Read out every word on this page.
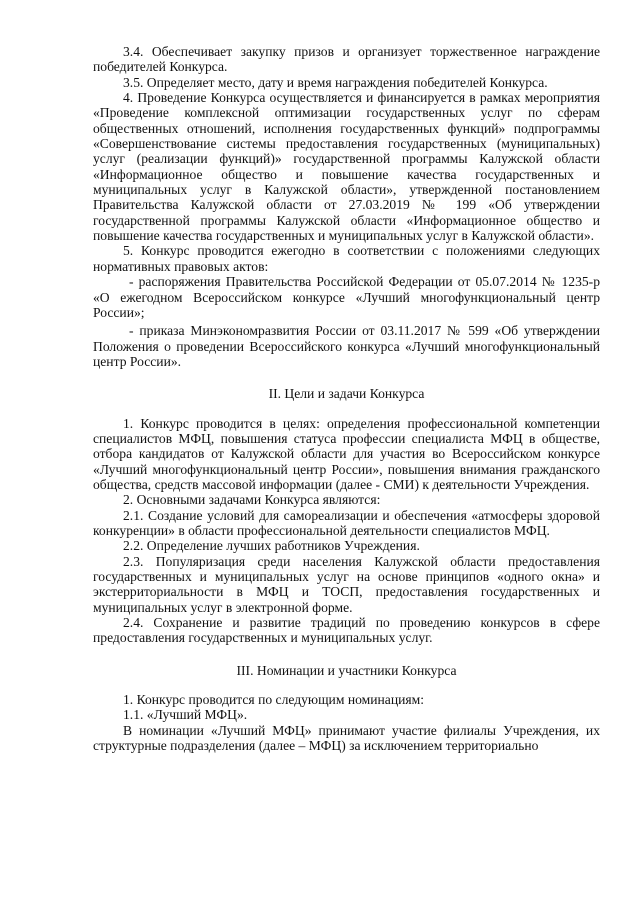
3.4. Обеспечивает закупку призов и организует торжественное награждение победителей Конкурса.

3.5. Определяет место, дату и время награждения победителей Конкурса.

4. Проведение Конкурса осуществляется и финансируется в рамках мероприятия «Проведение комплексной оптимизации государственных услуг по сферам общественных отношений, исполнения государственных функций» подпрограммы «Совершенствование системы предоставления государственных (муниципальных) услуг (реализации функций)» государственной программы Калужской области «Информационное общество и повышение качества государственных и муниципальных услуг в Калужской области», утвержденной постановлением Правительства Калужской области от 27.03.2019 № 199 «Об утверждении государственной программы Калужской области «Информационное общество и повышение качества государственных и муниципальных услуг в Калужской области».

5. Конкурс проводится ежегодно в соответствии с положениями следующих нормативных правовых актов:

- распоряжения Правительства Российской Федерации от 05.07.2014 № 1235-р «О ежегодном Всероссийском конкурсе «Лучший многофункциональный центр России»;

- приказа Минэкономразвития России от 03.11.2017 № 599 «Об утверждении Положения о проведении Всероссийского конкурса «Лучший многофункциональный центр России».

II. Цели и задачи Конкурса

1. Конкурс проводится в целях: определения профессиональной компетенции специалистов МФЦ, повышения статуса профессии специалиста МФЦ в обществе, отбора кандидатов от Калужской области для участия во Всероссийском конкурсе «Лучший многофункциональный центр России», повышения внимания гражданского общества, средств массовой информации (далее - СМИ) к деятельности Учреждения.

2. Основными задачами Конкурса являются:

2.1. Создание условий для самореализации и обеспечения «атмосферы здоровой конкуренции» в области профессиональной деятельности специалистов МФЦ.

2.2. Определение лучших работников Учреждения.

2.3. Популяризация среди населения Калужской области предоставления государственных и муниципальных услуг на основе принципов «одного окна» и экстерриториальности в МФЦ и ТОСП, предоставления государственных и муниципальных услуг в электронной форме.

2.4. Сохранение и развитие традиций по проведению конкурсов в сфере предоставления государственных и муниципальных услуг.

III. Номинации и участники Конкурса

1. Конкурс проводится по следующим номинациям:

1.1. «Лучший МФЦ».

В номинации «Лучший МФЦ» принимают участие филиалы Учреждения, их структурные подразделения (далее – МФЦ) за исключением территориально
